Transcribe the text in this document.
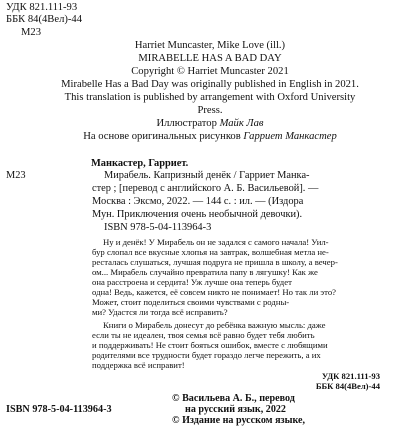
УДК 821.111-93
ББК 84(4Вел)-44
М23
Harriet Muncaster, Mike Love (ill.)
MIRABELLE HAS A BAD DAY
Copyright © Harriet Muncaster 2021
Mirabelle Has a Bad Day was originally published in English in 2021.
This translation is published by arrangement with Oxford University
Press.
Иллюстратор Майк Лав
На основе оригинальных рисунков Гарриет Манкастер
Манкастер, Гарриет.
М23	Мирабель. Капризный денёк / Гарриет Манка-
стер ; [перевод с английского А. Б. Васильевой]. —
Москва : Эксмо, 2022. — 144 с. : ил. — (Издора
Мун. Приключения очень необычной девочки).
ISBN 978-5-04-113964-3
Ну и денёк! У Мирабель он не задался с самого начала! Уил-
бур слопал все вкусные хлопья на завтрак, волшебная метла не-
ресталась слушаться, лучшая подруга не пришла в школу, а вечер-
ом... Мирабель случайно превратила папу в лягушку! Как же
она расстроена и сердита! Уж лучше она теперь будет
одна! Ведь, кажется, её совсем никто не понимает! Но так ли это?
Может, стоит поделиться своими чувствами с родны-
ми? Удастся ли тогда всё исправить?
Книги о Мирабель донесут до ребёнка важную мысль: даже
если ты не идеален, твоя семья всё равно будет тебя любить
и поддерживать! Не стоит бояться ошибок, вместе с любящими
родителями все трудности будет гораздо легче пережить, а их
поддержка всё исправит!
УДК 821.111-93
ББК 84(4Вел)-44
© Васильева А. Б., перевод
на русский язык, 2022
© Издание на русском языке,
ISBN 978-5-04-113964-3
